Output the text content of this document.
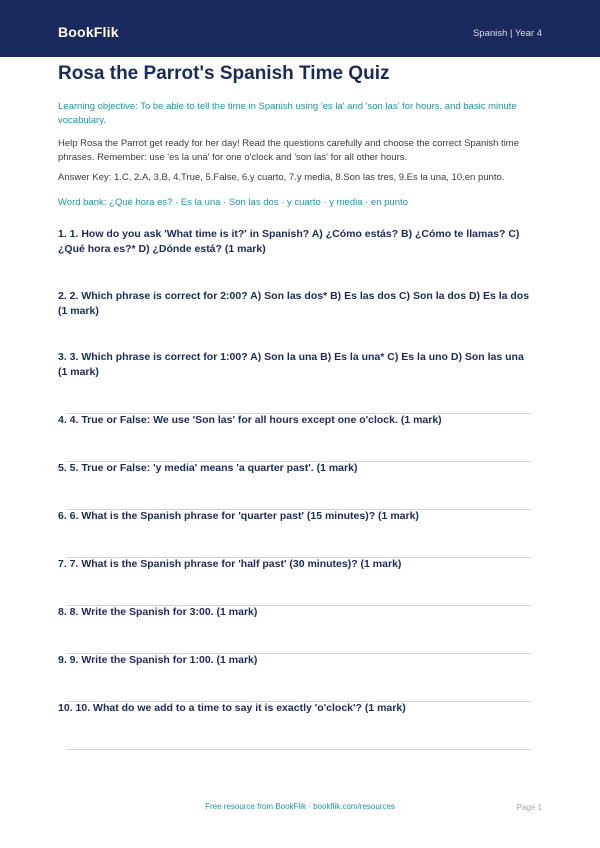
BookFlik	Spanish | Year 4
Rosa the Parrot's Spanish Time Quiz
Learning objective: To be able to tell the time in Spanish using 'es la' and 'son las' for hours, and basic minute vocabulary.
Help Rosa the Parrot get ready for her day! Read the questions carefully and choose the correct Spanish time phrases. Remember: use 'es la una' for one o'clock and 'son las' for all other hours.
Answer Key: 1.C, 2.A, 3.B, 4.True, 5.False, 6.y cuarto, 7.y media, 8.Son las tres, 9.Es la una, 10.en punto.
Word bank: ¿Qué hora es? · Es la una · Son las dos · y cuarto · y media · en punto
1. 1. How do you ask 'What time is it?' in Spanish? A) ¿Cómo estás? B) ¿Cómo te llamas? C) ¿Qué hora es?* D) ¿Dónde está? (1 mark)
2. 2. Which phrase is correct for 2:00? A) Son las dos* B) Es las dos C) Son la dos D) Es la dos (1 mark)
3. 3. Which phrase is correct for 1:00? A) Son la una B) Es la una* C) Es la uno D) Son las una (1 mark)
4. 4. True or False: We use 'Son las' for all hours except one o'clock. (1 mark)
5. 5. True or False: 'y media' means 'a quarter past'. (1 mark)
6. 6. What is the Spanish phrase for 'quarter past' (15 minutes)? (1 mark)
7. 7. What is the Spanish phrase for 'half past' (30 minutes)? (1 mark)
8. 8. Write the Spanish for 3:00. (1 mark)
9. 9. Write the Spanish for 1:00. (1 mark)
10. 10. What do we add to a time to say it is exactly 'o'clock'? (1 mark)
Free resource from BookFlik · bookflik.com/resources	Page 1
